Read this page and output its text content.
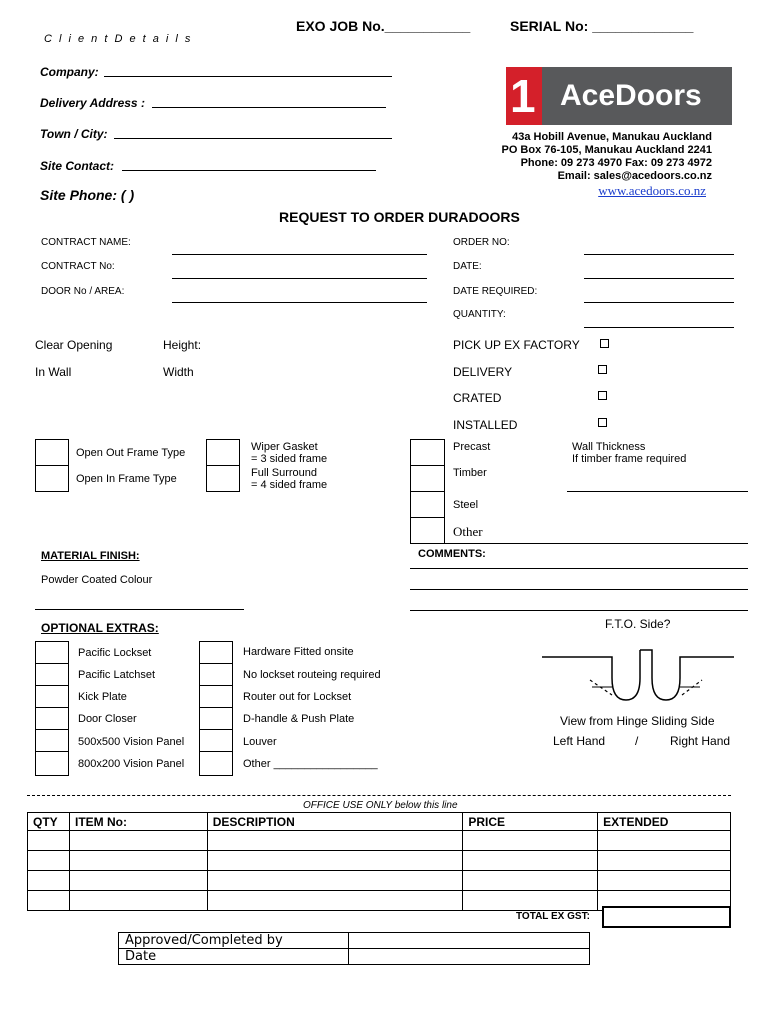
EXO JOB No.___________	SERIAL No: _____________
C l i e n t D e t a i l s
Company:
Delivery Address :
Town / City:
Site Contact:
Site Phone: ( )
1 AceDoors
43a Hobill Avenue, Manukau Auckland
PO Box 76-105, Manukau Auckland 2241
Phone: 09 273 4970 Fax: 09 273 4972
Email: sales@acedoors.co.nz
www.acedoors.co.nz
REQUEST TO ORDER DURADOORS
CONTRACT NAME:
CONTRACT No:
DOOR No / AREA:
ORDER NO:
DATE:
DATE REQUIRED:
QUANTITY:
Clear Opening	Height:
In Wall	Width
PICK UP EX FACTORY
DELIVERY
CRATED
INSTALLED
Open Out Frame Type
Open In Frame Type
Wiper Gasket
= 3 sided frame
Full Surround
= 4 sided frame
Precast
Timber
Steel
Other
Wall Thickness
If timber frame required
MATERIAL FINISH:
Powder Coated Colour
COMMENTS:
OPTIONAL EXTRAS:
Pacific Lockset
Pacific Latchset
Kick Plate
Door Closer
500x500 Vision Panel
800x200 Vision Panel
Hardware Fitted onsite
No lockset routeing required
Router out for Lockset
D-handle & Push Plate
Louver
Other _________________
F.T.O. Side?
View from Hinge Sliding Side
Left Hand /	Right Hand
OFFICE USE ONLY below this line
QTY	ITEM No:	DESCRIPTION	PRICE	EXTENDED

TOTAL EX GST:
Approved/Completed by	
Date	
